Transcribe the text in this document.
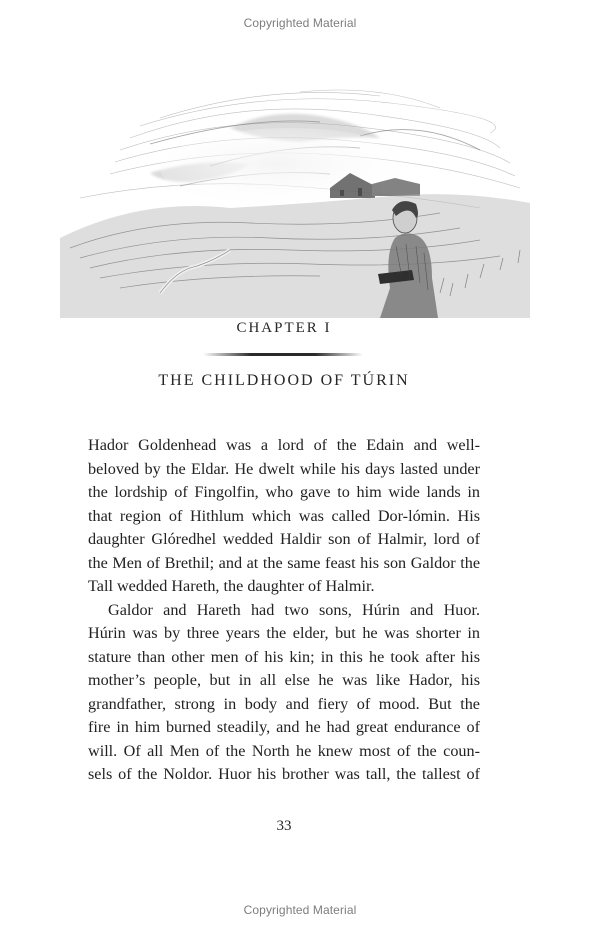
Copyrighted Material
CHAPTER I
THE CHILDHOOD OF TÚRIN

Hador Goldenhead was a lord of the Edain and well-
beloved by the Eldar. He dwelt while his days lasted under
the lordship of Fingolfin, who gave to him wide lands in
that region of Hithlum which was called Dor-lómin. His
daughter Glóredhel wedded Haldir son of Halmir, lord of
the Men of Brethil; and at the same feast his son Galdor the
Tall wedded Hareth, the daughter of Halmir.

Galdor and Hareth had two sons, Húrin and Huor.
Húrin was by three years the elder, but he was shorter in
stature than other men of his kin; in this he took after his
mother’s people, but in all else he was like Hador, his
grandfather, strong in body and fiery of mood. But the
fire in him burned steadily, and he had great endurance of
will. Of all Men of the North he knew most of the coun-
sels of the Noldor. Huor his brother was tall, the tallest of

33
Copyrighted Material
